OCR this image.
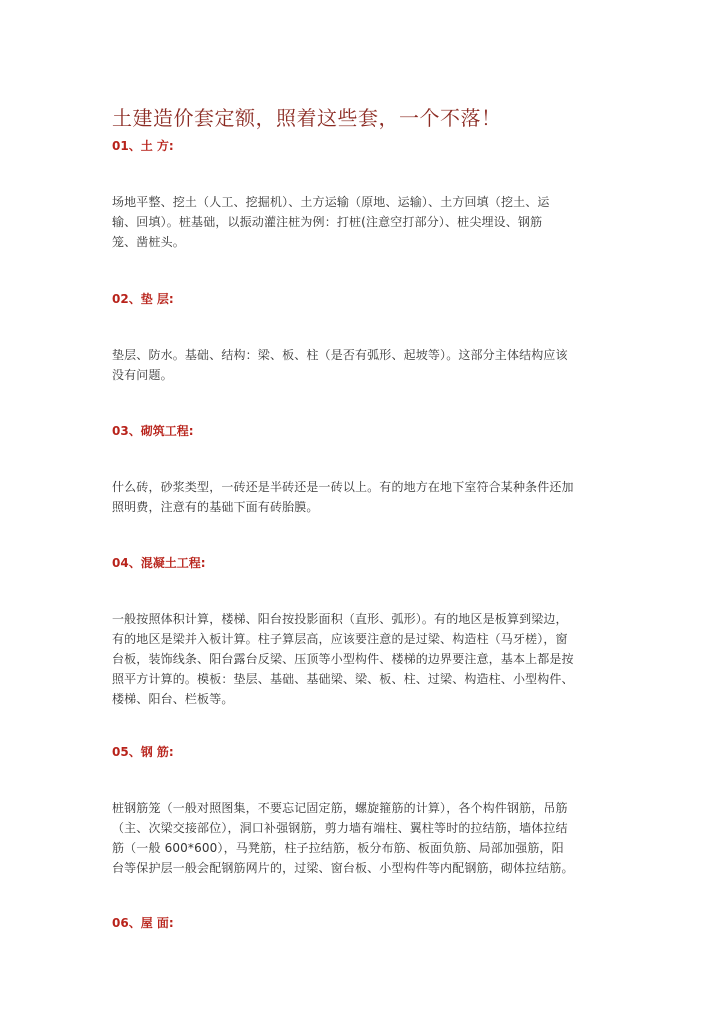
土建造价套定额，照着这些套，一个不落！
01、土 方:
场地平整、挖土（人工、挖掘机）、土方运输（原地、运输）、土方回填（挖土、运
输、回填）。桩基础，以振动灌注桩为例：打桩(注意空打部分）、桩尖埋设、钢筋
笼、凿桩头。
02、垫 层:
垫层、防水。基础、结构：梁、板、柱（是否有弧形、起坡等）。这部分主体结构应该
没有问题。
03、砌筑工程:
什么砖，砂浆类型，一砖还是半砖还是一砖以上。有的地方在地下室符合某种条件还加
照明费，注意有的基础下面有砖胎膜。
04、混凝土工程:
一般按照体积计算，楼梯、阳台按投影面积（直形、弧形）。有的地区是板算到梁边，
有的地区是梁并入板计算。柱子算层高，应该要注意的是过梁、构造柱（马牙槎），窗
台板，装饰线条、阳台露台反梁、压顶等小型构件、楼梯的边界要注意，基本上都是按
照平方计算的。模板：垫层、基础、基础梁、梁、板、柱、过梁、构造柱、小型构件、
楼梯、阳台、栏板等。
05、钢 筋:
桩钢筋笼（一般对照图集，不要忘记固定筋，螺旋箍筋的计算），各个构件钢筋，吊筋
（主、次梁交接部位），洞口补强钢筋，剪力墙有端柱、翼柱等时的拉结筋，墙体拉结
筋（一般 600*600），马凳筋，柱子拉结筋，板分布筋、板面负筋、局部加强筋，阳
台等保护层一般会配钢筋网片的，过梁、窗台板、小型构件等内配钢筋，砌体拉结筋。
06、屋 面:
